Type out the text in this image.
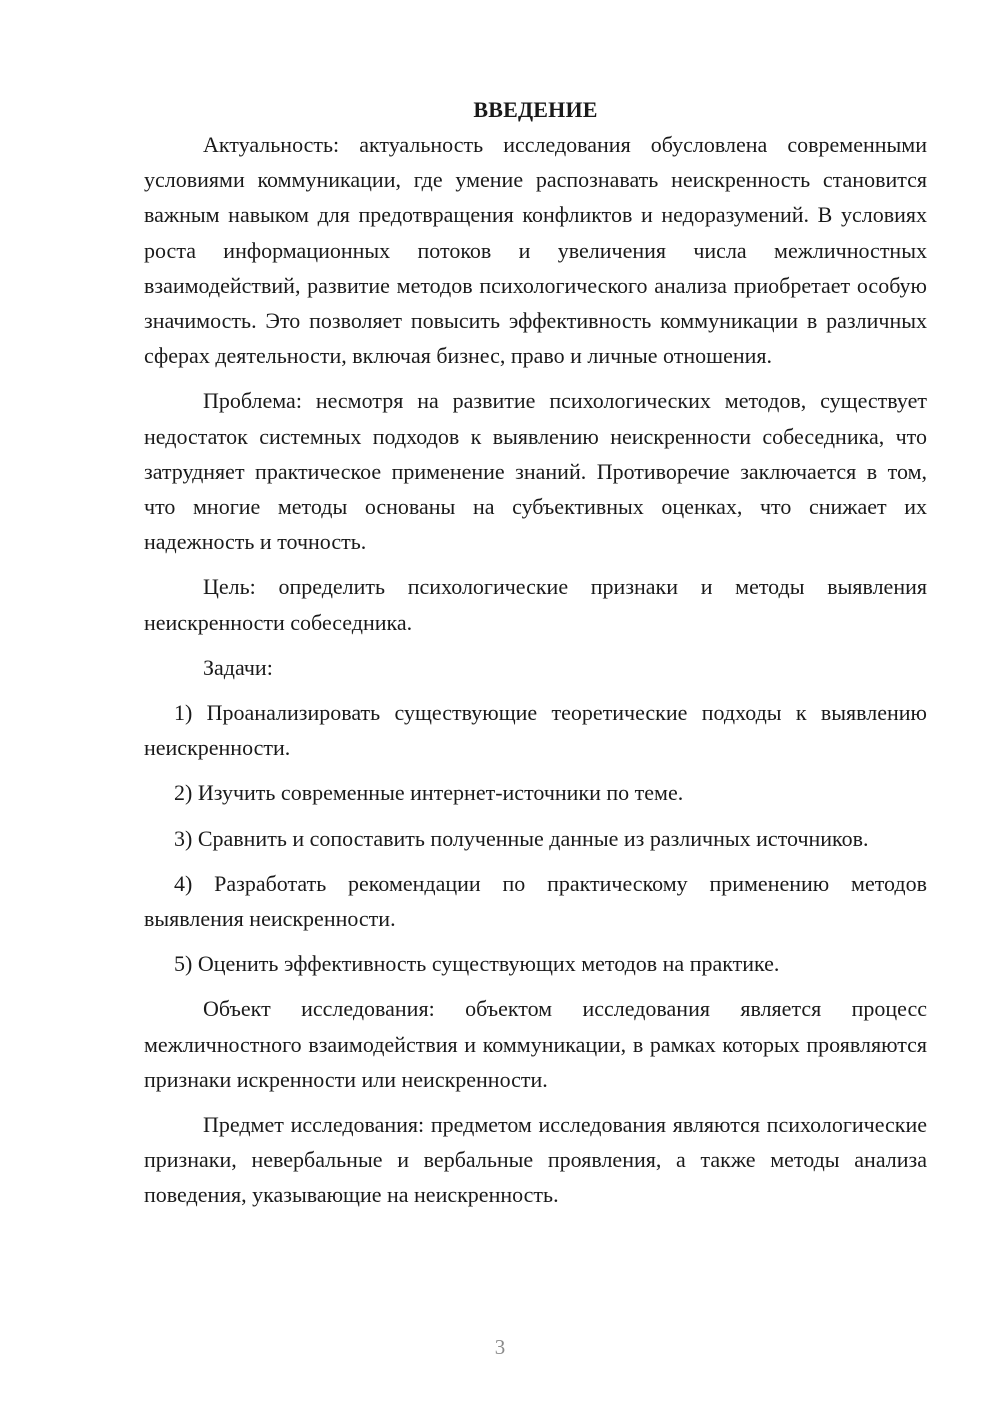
ВВЕДЕНИЕ

Актуальность: актуальность исследования обусловлена современными условиями коммуникации, где умение распознавать неискренность становится важным навыком для предотвращения конфликтов и недоразумений. В условиях роста информационных потоков и увеличения числа межличностных взаимодействий, развитие методов психологического анализа приобретает особую значимость. Это позволяет повысить эффективность коммуникации в различных сферах деятельности, включая бизнес, право и личные отношения.

Проблема: несмотря на развитие психологических методов, существует недостаток системных подходов к выявлению неискренности собеседника, что затрудняет практическое применение знаний. Противоречие заключается в том, что многие методы основаны на субъективных оценках, что снижает их надежность и точность.

Цель: определить психологические признаки и методы выявления неискренности собеседника.

Задачи:

1) Проанализировать существующие теоретические подходы к выявлению неискренности.

2) Изучить современные интернет-источники по теме.

3) Сравнить и сопоставить полученные данные из различных источников.

4) Разработать рекомендации по практическому применению методов выявления неискренности.

5) Оценить эффективность существующих методов на практике.

Объект исследования: объектом исследования является процесс межличностного взаимодействия и коммуникации, в рамках которых проявляются признаки искренности или неискренности.

Предмет исследования: предметом исследования являются психологические признаки, невербальные и вербальные проявления, а также методы анализа поведения, указывающие на неискренность.

3
